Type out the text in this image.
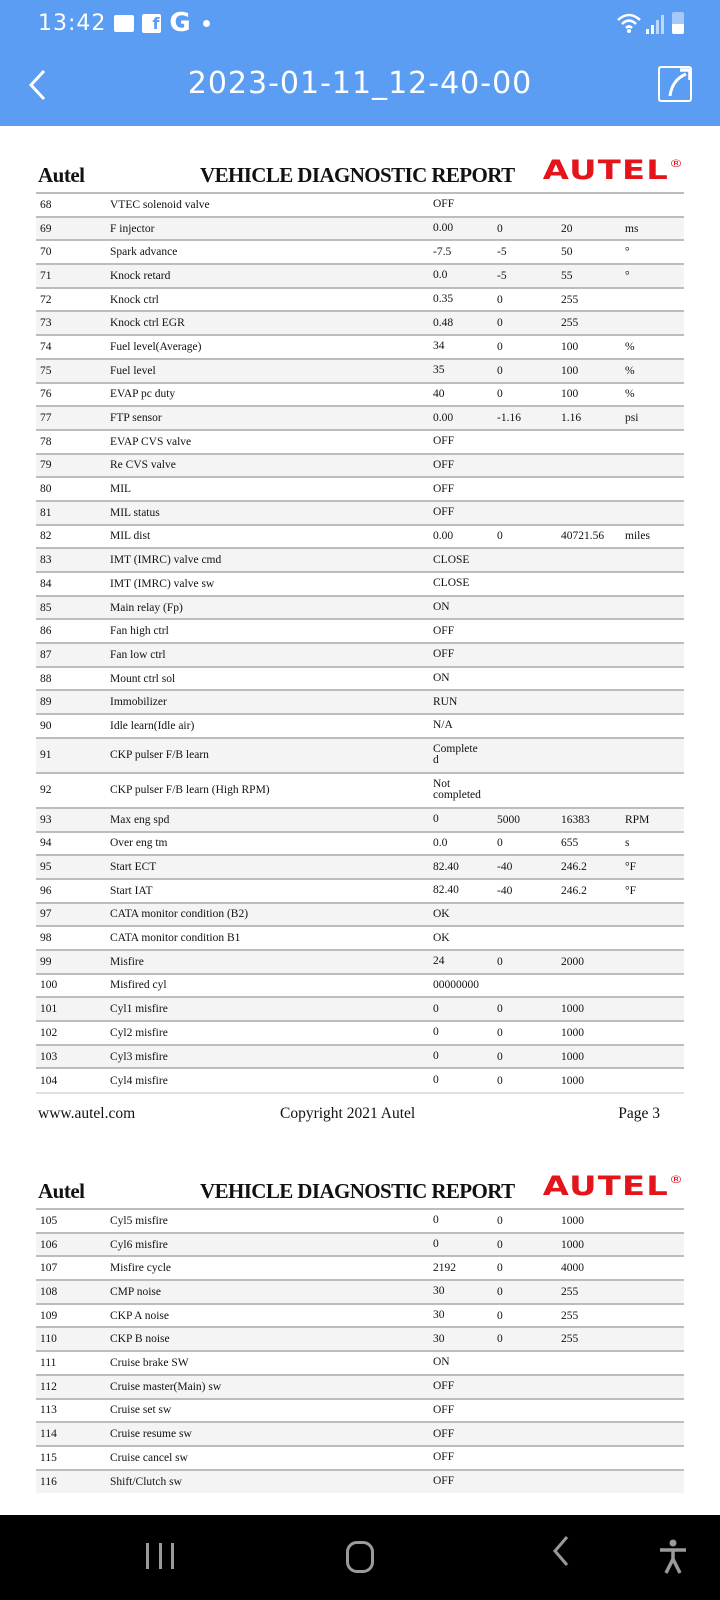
13:42	f G
2023-01-11_12-40-00
Autel	VEHICLE DIAGNOSTIC REPORT AUTEL®
68	VTEC solenoid valve	OFF			
69	F injector	0.00	0	20	ms
70	Spark advance	-7.5	-5	50	°
71	Knock retard	0.0	-5	55	°
72	Knock ctrl	0.35	0	255	
73	Knock ctrl EGR	0.48	0	255	
74	Fuel level(Average)	34	0	100	%
75	Fuel level	35	0	100	%
76	EVAP pc duty	40	0	100	%
77	FTP sensor	0.00	-1.16	1.16	psi
78	EVAP CVS valve	OFF			
79	Re CVS valve	OFF			
80	MIL	OFF			
81	MIL status	OFF			
82	MIL dist	0.00	0	40721.56	miles
83	IMT (IMRC) valve cmd	CLOSE			
84	IMT (IMRC) valve sw	CLOSE			
85	Main relay (Fp)	ON			
86	Fan high ctrl	OFF			
87	Fan low ctrl	OFF			
88	Mount ctrl sol	ON			
89	Immobilizer	RUN			
90	Idle learn(Idle air)	N/A			
91	CKP pulser F/B learn	Complete
d			
92	CKP pulser F/B learn (High RPM)	Not
completed			
93	Max eng spd	0	5000	16383	RPM
94	Over eng tm	0.0	0	655	s
95	Start ECT	82.40	-40	246.2	°F
96	Start IAT	82.40	-40	246.2	°F
97	CATA monitor condition (B2)	OK			
98	CATA monitor condition B1	OK			
99	Misfire	24	0	2000	
100	Misfired cyl	00000000			
101	Cyl1 misfire	0	0	1000	
102	Cyl2 misfire	0	0	1000	
103	Cyl3 misfire	0	0	1000	
104	Cyl4 misfire	0	0	1000	
www.autel.com	Copyright 2021 Autel	Page 3
Autel	VEHICLE DIAGNOSTIC REPORT AUTEL®
105	Cyl5 misfire	0	0	1000	
106	Cyl6 misfire	0	0	1000	
107	Misfire cycle	2192	0	4000	
108	CMP noise	30	0	255	
109	CKP A noise	30	0	255	
110	CKP B noise	30	0	255	
111	Cruise brake SW	ON			
112	Cruise master(Main) sw	OFF			
113	Cruise set sw	OFF			
114	Cruise resume sw	OFF			
115	Cruise cancel sw	OFF			
116	Shift/Clutch sw	OFF			
